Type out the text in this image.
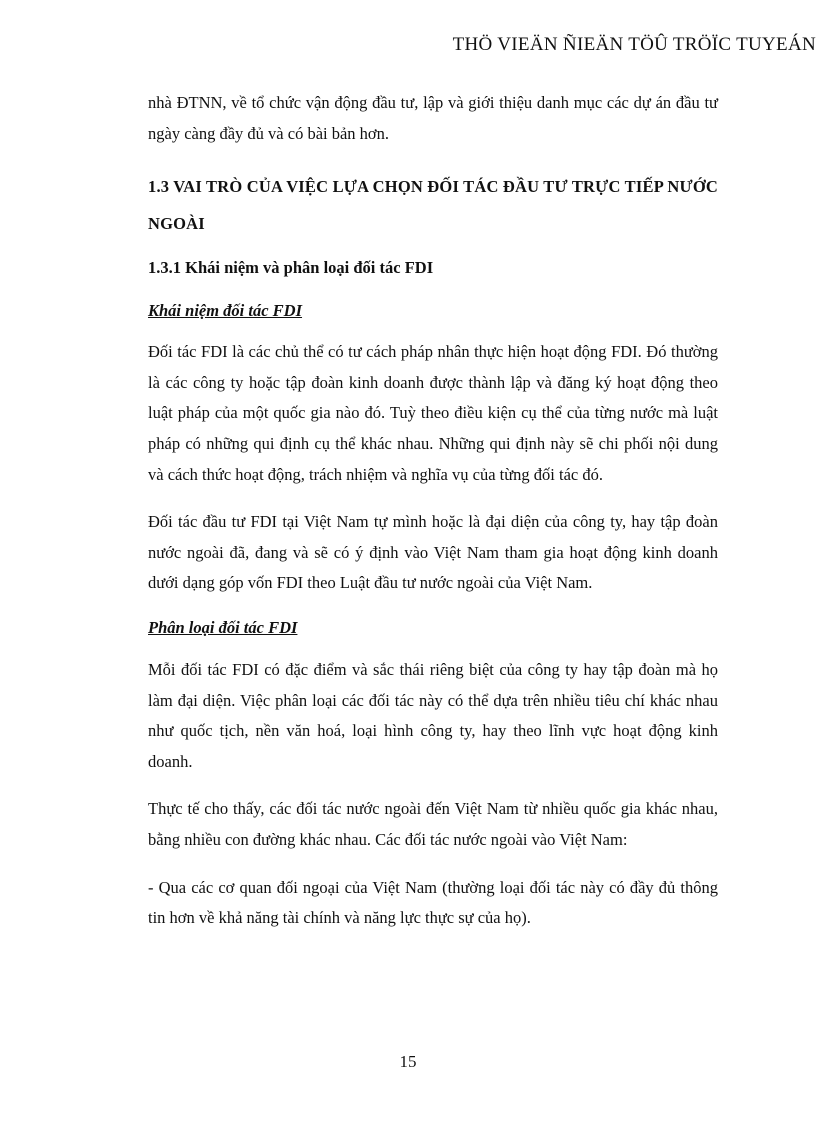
THÖ VIEÄN ÑIEÄN TÖÛ TRÖÏC TUYEÁN

nhà ĐTNN, về tổ chức vận động đầu tư, lập và giới thiệu danh mục các dự án đầu tư ngày càng đầy đủ và có bài bản hơn.

1.3 VAI TRÒ CỦA VIỆC LỰA CHỌN ĐỐI TÁC ĐẦU TƯ TRỰC TIẾP NƯỚC NGOÀI

1.3.1 Khái niệm và phân loại đối tác FDI

Khái niệm đối tác FDI

Đối tác FDI là các chủ thể có tư cách pháp nhân thực hiện hoạt động FDI. Đó thường là các công ty hoặc tập đoàn kinh doanh được thành lập và đăng ký hoạt động theo luật pháp của một quốc gia nào đó. Tuỳ theo điều kiện cụ thể của từng nước mà luật pháp có những qui định cụ thể khác nhau. Những qui định này sẽ chi phối nội dung và cách thức hoạt động, trách nhiệm và nghĩa vụ của từng đối tác đó.

Đối tác đầu tư FDI tại Việt Nam tự mình hoặc là đại diện của công ty, hay tập đoàn nước ngoài đã, đang và sẽ có ý định vào Việt Nam tham gia hoạt động kinh doanh dưới dạng góp vốn FDI theo Luật đầu tư nước ngoài của Việt Nam.

Phân loại đối tác FDI

Mỗi đối tác FDI có đặc điểm và sắc thái riêng biệt của công ty hay tập đoàn mà họ làm đại diện. Việc phân loại các đối tác này có thể dựa trên nhiều tiêu chí khác nhau như quốc tịch, nền văn hoá, loại hình công ty, hay theo lĩnh vực hoạt động kinh doanh.

Thực tế cho thấy, các đối tác nước ngoài đến Việt Nam từ nhiều quốc gia khác nhau, bằng nhiều con đường khác nhau. Các đối tác nước ngoài vào Việt Nam:

- Qua các cơ quan đối ngoại của Việt Nam (thường loại đối tác này có đầy đủ thông tin hơn về khả năng tài chính và năng lực thực sự của họ).

15
